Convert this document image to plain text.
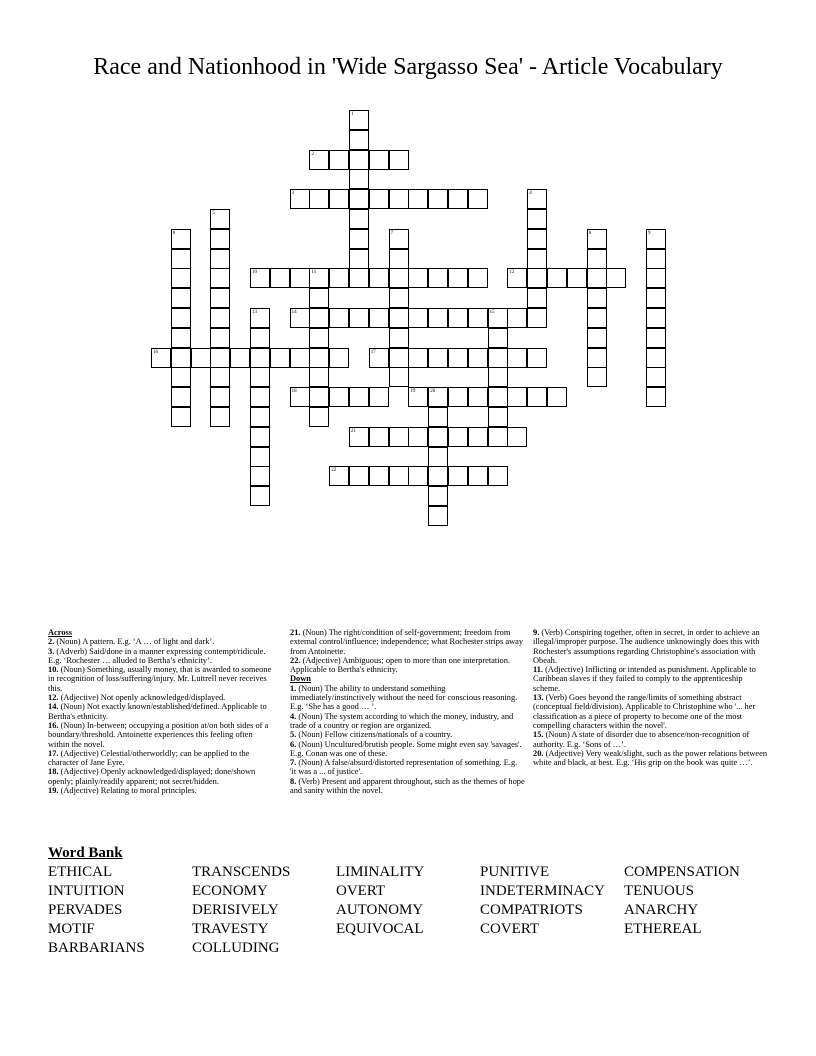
Race and Nationhood in 'Wide Sargasso Sea' - Article Vocabulary
1
2
3	4
5
6	7	8	9
10	11	12
13	14	15
16	17
18	19	20
21
22

Across

2. (Noun) A pattern. E.g. ‘A … of light and dark’.

3. (Adverb) Said/done in a manner expressing contempt/ridicule. E.g. ‘Rochester … alluded to Bertha’s ethnicity’.

10. (Noun) Something, usually money, that is awarded to someone in recognition of loss/suffering/injury. Mr. Luttrell never receives this.

12. (Adjective) Not openly acknowledged/displayed.

14. (Noun) Not exactly known/established/defined. Applicable to Bertha's ethnicity.

16. (Noun) In-between; occupying a position at/on both sides of a boundary/threshold. Antoinette experiences this feeling often within the novel.

17. (Adjective) Celestial/otherworldly; can be applied to the character of Jane Eyre.

18. (Adjective) Openly acknowledged/displayed; done/shown openly; plainly/readily apparent; not secret/hidden.

19. (Adjective) Relating to moral principles.

21. (Noun) The right/condition of self-government; freedom from external control/influence; independence; what Rochester strips away from Antoinette.

22. (Adjective) Ambiguous; open to more than one interpretation. Applicable to Bertha's ethnicity.

Down

1. (Noun) The ability to understand something immediately/instinctively without the need for conscious reasoning. E.g. ‘She has a good … ’.

4. (Noun) The system according to which the money, industry, and trade of a country or region are organized.

5. (Noun) Fellow citizens/nationals of a country.

6. (Noun) Uncultured/brutish people. Some might even say 'savages'. E.g. Conan was one of these.

7. (Noun) A false/absurd/distorted representation of something. E.g. 'it was a ... of justice'.

8. (Verb) Present and apparent throughout, such as the themes of hope and sanity within the novel.

9. (Verb) Conspiring together, often in secret, in order to achieve an illegal/improper purpose. The audience unknowingly does this with Rochester's assumptions regarding Christophine's association with Obeah.

11. (Adjective) Inflicting or intended as punishment. Applicable to Caribbean slaves if they failed to comply to the apprenticeship scheme.

13. (Verb) Goes beyond the range/limits of something abstract (conceptual field/division). Applicable to Christophine who '... her classification as a piece of property to become one of the most compelling characters within the novel'.

15. (Noun) A state of disorder due to absence/non-recognition of authority. E.g. ‘Sons of …’.

20. (Adjective) Very weak/slight, such as the power relations between white and black, at best. E.g. ‘His grip on the book was quite …’.

Word Bank
ETHICAL	TRANSCENDS	LIMINALITY	PUNITIVE	COMPENSATION
INTUITION	ECONOMY	OVERT	INDETERMINACY TENUOUS
PERVADES	DERISIVELY	AUTONOMY	COMPATRIOTS	ANARCHY
MOTIF	TRAVESTY	EQUIVOCAL	COVERT	ETHEREAL
BARBARIANS	COLLUDING
